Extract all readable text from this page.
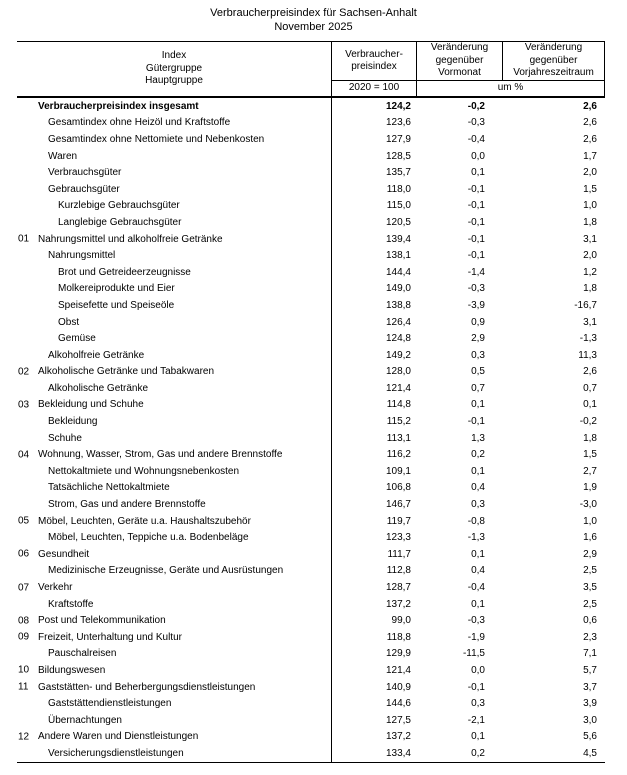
Verbraucherpreisindex für Sachsen-Anhalt
November 2025
Index
Gütergruppe
Hauptgruppe
Verbraucher-
preisindex
2020 = 100
Veränderung
gegenüber
Vormonat
Veränderung
gegenüber
Vorjahreszeitraum
um %
Verbraucherpreisindex insgesamt	124,2	-0,2	2,6
Gesamtindex ohne Heizöl und Kraftstoffe	123,6	-0,3	2,6
Gesamtindex ohne Nettomiete und Nebenkosten	127,9	-0,4	2,6
Waren	128,5	0,0	1,7
Verbrauchsgüter	135,7	0,1	2,0
Gebrauchsgüter	118,0	-0,1	1,5
Kurzlebige Gebrauchsgüter	115,0	-0,1	1,0
Langlebige Gebrauchsgüter	120,5	-0,1	1,8
01 Nahrungsmittel und alkoholfreie Getränke	139,4	-0,1	3,1
Nahrungsmittel	138,1	-0,1	2,0
Brot und Getreideerzeugnisse	144,4	-1,4	1,2
Molkereiprodukte und Eier	149,0	-0,3	1,8
Speisefette und Speiseöle	138,8	-3,9	-16,7
Obst	126,4	0,9	3,1
Gemüse	124,8	2,9	-1,3
Alkoholfreie Getränke	149,2	0,3	11,3
02 Alkoholische Getränke und Tabakwaren	128,0	0,5	2,6
Alkoholische Getränke	121,4	0,7	0,7
03 Bekleidung und Schuhe	114,8	0,1	0,1
Bekleidung	115,2	-0,1	-0,2
Schuhe	113,1	1,3	1,8
04 Wohnung, Wasser, Strom, Gas und andere Brennstoffe	116,2	0,2	1,5
Nettokaltmiete und Wohnungsnebenkosten	109,1	0,1	2,7
Tatsächliche Nettokaltmiete	106,8	0,4	1,9
Strom, Gas und andere Brennstoffe	146,7	0,3	-3,0
05 Möbel, Leuchten, Geräte u.a. Haushaltszubehör	119,7	-0,8	1,0
Möbel, Leuchten, Teppiche u.a. Bodenbeläge	123,3	-1,3	1,6
06 Gesundheit	111,7	0,1	2,9
Medizinische Erzeugnisse, Geräte und Ausrüstungen	112,8	0,4	2,5
07 Verkehr	128,7	-0,4	3,5
Kraftstoffe	137,2	0,1	2,5
08 Post und Telekommunikation	99,0	-0,3	0,6
09 Freizeit, Unterhaltung und Kultur	118,8	-1,9	2,3
Pauschalreisen	129,9	-11,5	7,1
10 Bildungswesen	121,4	0,0	5,7
11 Gaststätten- und Beherbergungsdienstleistungen	140,9	-0,1	3,7
Gaststättendienstleistungen	144,6	0,3	3,9
Übernachtungen	127,5	-2,1	3,0
12 Andere Waren und Dienstleistungen	137,2	0,1	5,6
Versicherungsdienstleistungen	133,4	0,2	4,5
